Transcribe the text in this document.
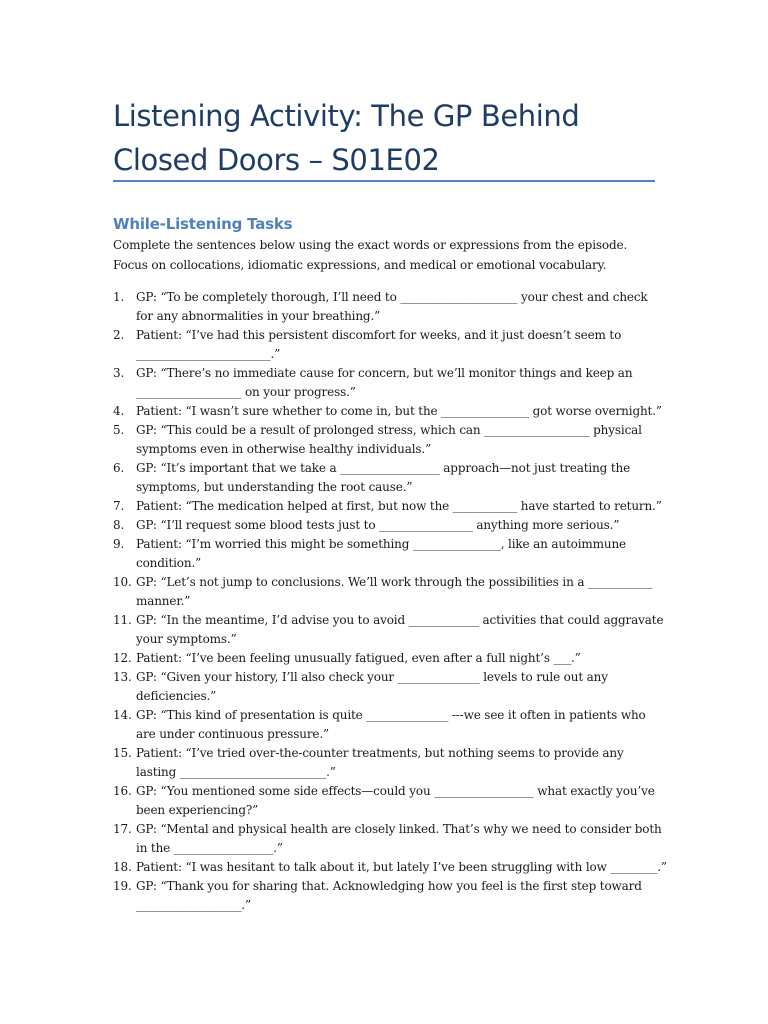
Listening Activity: The GP Behind
Closed Doors – S01E02
While-Listening Tasks

Complete the sentences below using the exact words or expressions from the episode.
Focus on collocations, idiomatic expressions, and medical or emotional vocabulary.

1. GP: “To be completely thorough, I’ll need to ____________________ your chest and check
for any abnormalities in your breathing.”
2. Patient: “I’ve had this persistent discomfort for weeks, and it just doesn’t seem to
_______________________.”
3. GP: “There’s no immediate cause for concern, but we’ll monitor things and keep an
__________________ on your progress.”
4. Patient: “I wasn’t sure whether to come in, but the _______________ got worse overnight.”
5. GP: “This could be a result of prolonged stress, which can __________________ physical
symptoms even in otherwise healthy individuals.”
6. GP: “It’s important that we take a _________________ approach—not just treating the
symptoms, but understanding the root cause.”
7. Patient: “The medication helped at first, but now the ___________ have started to return.”
8. GP: “I’ll request some blood tests just to ________________ anything more serious.”
9. Patient: “I’m worried this might be something _______________, like an autoimmune
condition.”
10. GP: “Let’s not jump to conclusions. We’ll work through the possibilities in a ___________
manner.”
11. GP: “In the meantime, I’d advise you to avoid ____________ activities that could aggravate
your symptoms.”
12. Patient: “I’ve been feeling unusually fatigued, even after a full night’s ___.”
13. GP: “Given your history, I’ll also check your ______________ levels to rule out any
deficiencies.”
14. GP: “This kind of presentation is quite ______________ ---we see it often in patients who
are under continuous pressure.”
15. Patient: “I’ve tried over-the-counter treatments, but nothing seems to provide any
lasting _________________________.”
16. GP: “You mentioned some side effects—could you _________________ what exactly you’ve
been experiencing?”
17. GP: “Mental and physical health are closely linked. That’s why we need to consider both
in the _________________.”
18. Patient: “I was hesitant to talk about it, but lately I’ve been struggling with low ________.”
19. GP: “Thank you for sharing that. Acknowledging how you feel is the first step toward
__________________.”
